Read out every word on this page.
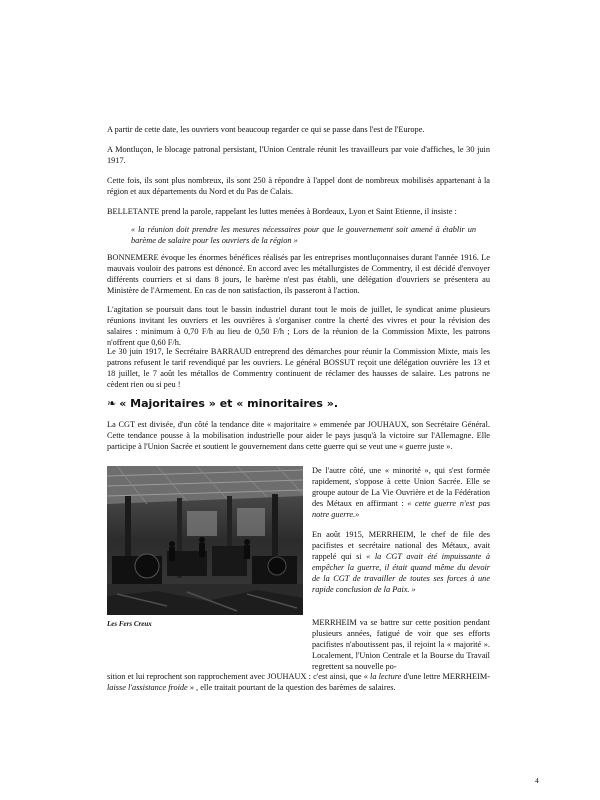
A partir de cette date, les ouvriers vont beaucoup regarder ce qui se passe dans l'est de l'Europe.

A Montluçon, le blocage patronal persistant, l'Union Centrale réunit les travailleurs par voie d'affiches, le 30 juin 1917.

Cette fois, ils sont plus nombreux, ils sont 250 à répondre à l'appel dont de nombreux mobilisés appartenant à la région et aux départements du Nord et du Pas de Calais.

BELLETANTE prend la parole, rappelant les luttes menées à Bordeaux, Lyon et Saint Etienne, il insiste :

« la réunion doit prendre les mesures nécessaires pour que le gouvernement soit amené à établir un barème de salaire pour les ouvriers de la région »

BONNEMERE évoque les énormes bénéfices réalisés par les entreprises montluçonnaises durant l'année 1916. Le mauvais vouloir des patrons est dénoncé. En accord avec les métallurgistes de Commentry, il est décidé d'envoyer différents courriers et si dans 8 jours, le barème n'est pas établi, une délégation d'ouvriers se présentera au Ministère de l'Armement. En cas de non satisfaction, ils passeront à l'action.

L'agitation se poursuit dans tout le bassin industriel durant tout le mois de juillet, le syndicat anime plusieurs réunions invitant les ouvriers et les ouvrières à s'organiser contre la cherté des vivres et pour la révision des salaires : minimum à 0,70 F/h au lieu de 0,50 F/h ; Lors de la réunion de la Commission Mixte, les patrons n'offrent que 0,60 F/h.

Le 30 juin 1917, le Secrétaire BARRAUD entreprend des démarches pour réunir la Commission Mixte, mais les patrons refusent le tarif revendiqué par les ouvriers. Le général BOSSUT reçoit une délégation ouvrière les 13 et 18 juillet, le 7 août les métallos de Commentry continuent de réclamer des hausses de salaire. Les patrons ne cèdent rien ou si peu !

❧ « Majoritaires » et « minoritaires ».

La CGT est divisée, d'un côté la tendance dite « majoritaire » emmenée par JOUHAUX, son Secrétaire Général. Cette tendance pousse à la mobilisation industrielle pour aider le pays jusqu'à la victoire sur l'Allemagne. Elle participe à l'Union Sacrée et soutient le gouvernement dans cette guerre qui se veut une « guerre juste ».

Les Fers Creux

De l'autre côté, une « minorité », qui s'est formée rapidement, s'oppose à cette Union Sacrée. Elle se groupe autour de La Vie Ouvrière et de la Fédération des Métaux en affirmant : « cette guerre n'est pas notre guerre.»

En août 1915, MERRHEIM, le chef de file des pacifistes et secrétaire national des Métaux, avait rappelé qui si « la CGT avait été impuissante à empêcher la guerre, il était quand même du devoir de la CGT de travailler de toutes ses forces à une rapide conclusion de la Paix. »

MERRHEIM va se battre sur cette position pendant plusieurs années, fatigué de voir que ses efforts pacifistes n'aboutissent pas, il rejoint la « majorité ». Localement, l'Union Centrale et la Bourse du Travail regrettent sa nouvelle po-

sition et lui reprochent son rapprochement avec JOUHAUX : c'est ainsi, que « la lecture d'une lettre MERRHEIM- laisse l'assistance froide » , elle traitait pourtant de la question des barèmes de salaires.

4
